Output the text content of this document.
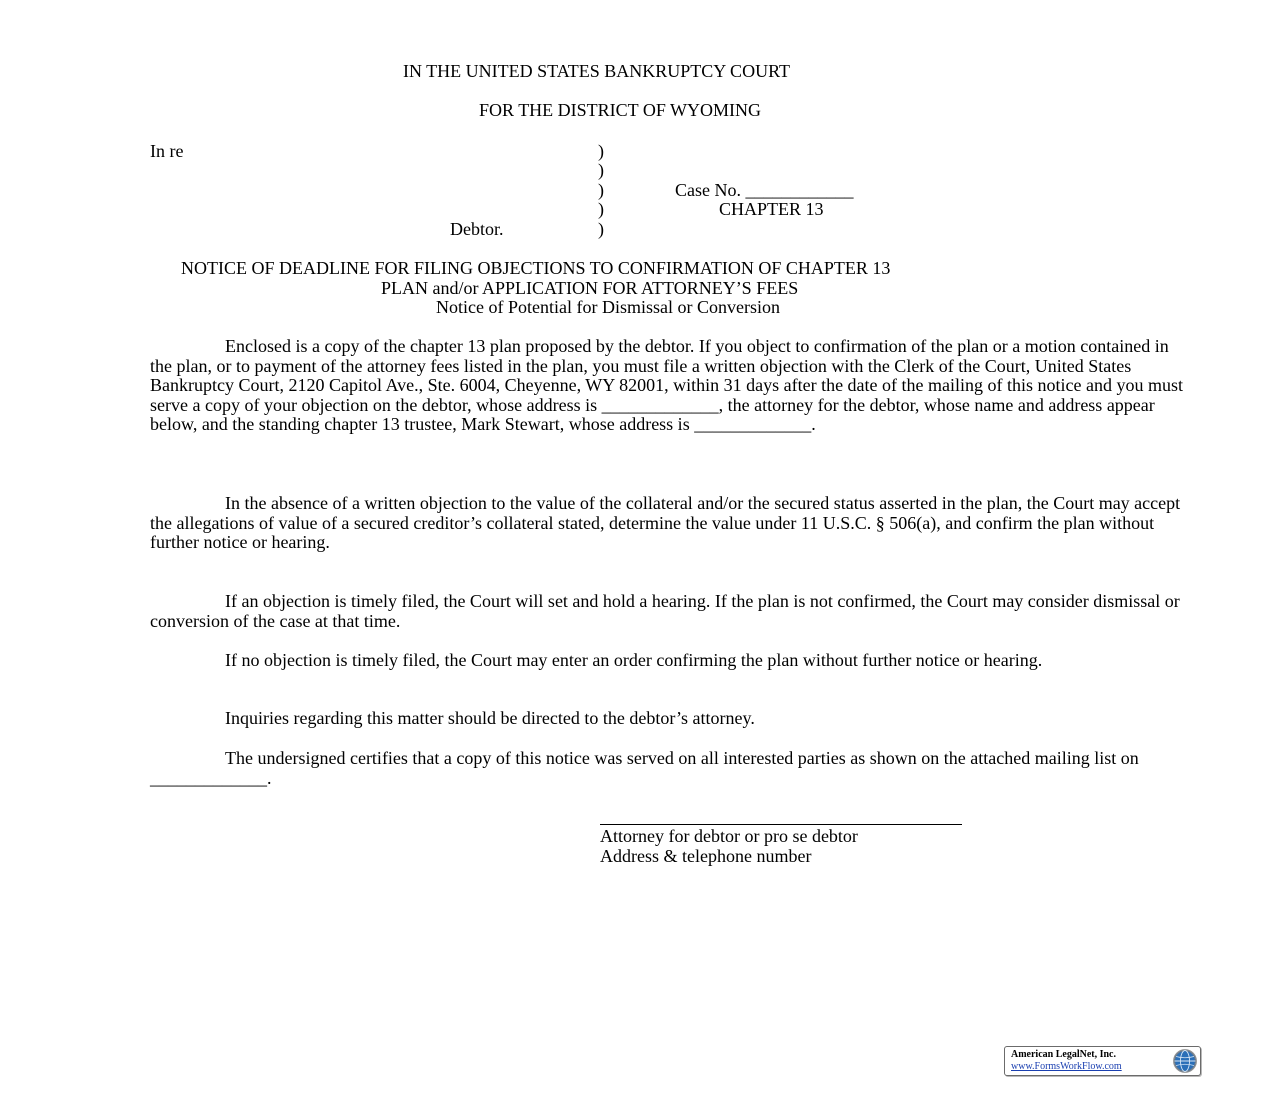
IN THE UNITED STATES BANKRUPTCY COURT
FOR THE DISTRICT OF WYOMING
In re	)
)
)
)
)
Case No. ____________
CHAPTER 13
Debtor.
NOTICE OF DEADLINE FOR FILING OBJECTIONS TO CONFIRMATION OF CHAPTER 13
PLAN and/or APPLICATION FOR ATTORNEY’S FEES
Notice of Potential for Dismissal or Conversion
Enclosed is a copy of the chapter 13 plan proposed by the debtor. If you object to confirmation of the plan or a motion contained in the plan, or to payment of the attorney fees listed in the plan, you must file a written objection with the Clerk of the Court, United States Bankruptcy Court, 2120 Capitol Ave., Ste. 6004, Cheyenne, WY 82001, within 31 days after the date of the mailing of this notice and you must serve a copy of your objection on the debtor, whose address is _____________, the attorney for the debtor, whose name and address appear below, and the standing chapter 13 trustee, Mark Stewart, whose address is _____________.
In the absence of a written objection to the value of the collateral and/or the secured status asserted in the plan, the Court may accept the allegations of value of a secured creditor’s collateral stated, determine the value under 11 U.S.C. § 506(a), and confirm the plan without further notice or hearing.
If an objection is timely filed, the Court will set and hold a hearing. If the plan is not confirmed, the Court may consider dismissal or conversion of the case at that time.
If no objection is timely filed, the Court may enter an order confirming the plan without further notice or hearing.
Inquiries regarding this matter should be directed to the debtor’s attorney.
The undersigned certifies that a copy of this notice was served on all interested parties as shown on the attached mailing list on _____________.
Attorney for debtor or pro se debtor
Address & telephone number
American LegalNet, Inc.
www.FormsWorkFlow.com
